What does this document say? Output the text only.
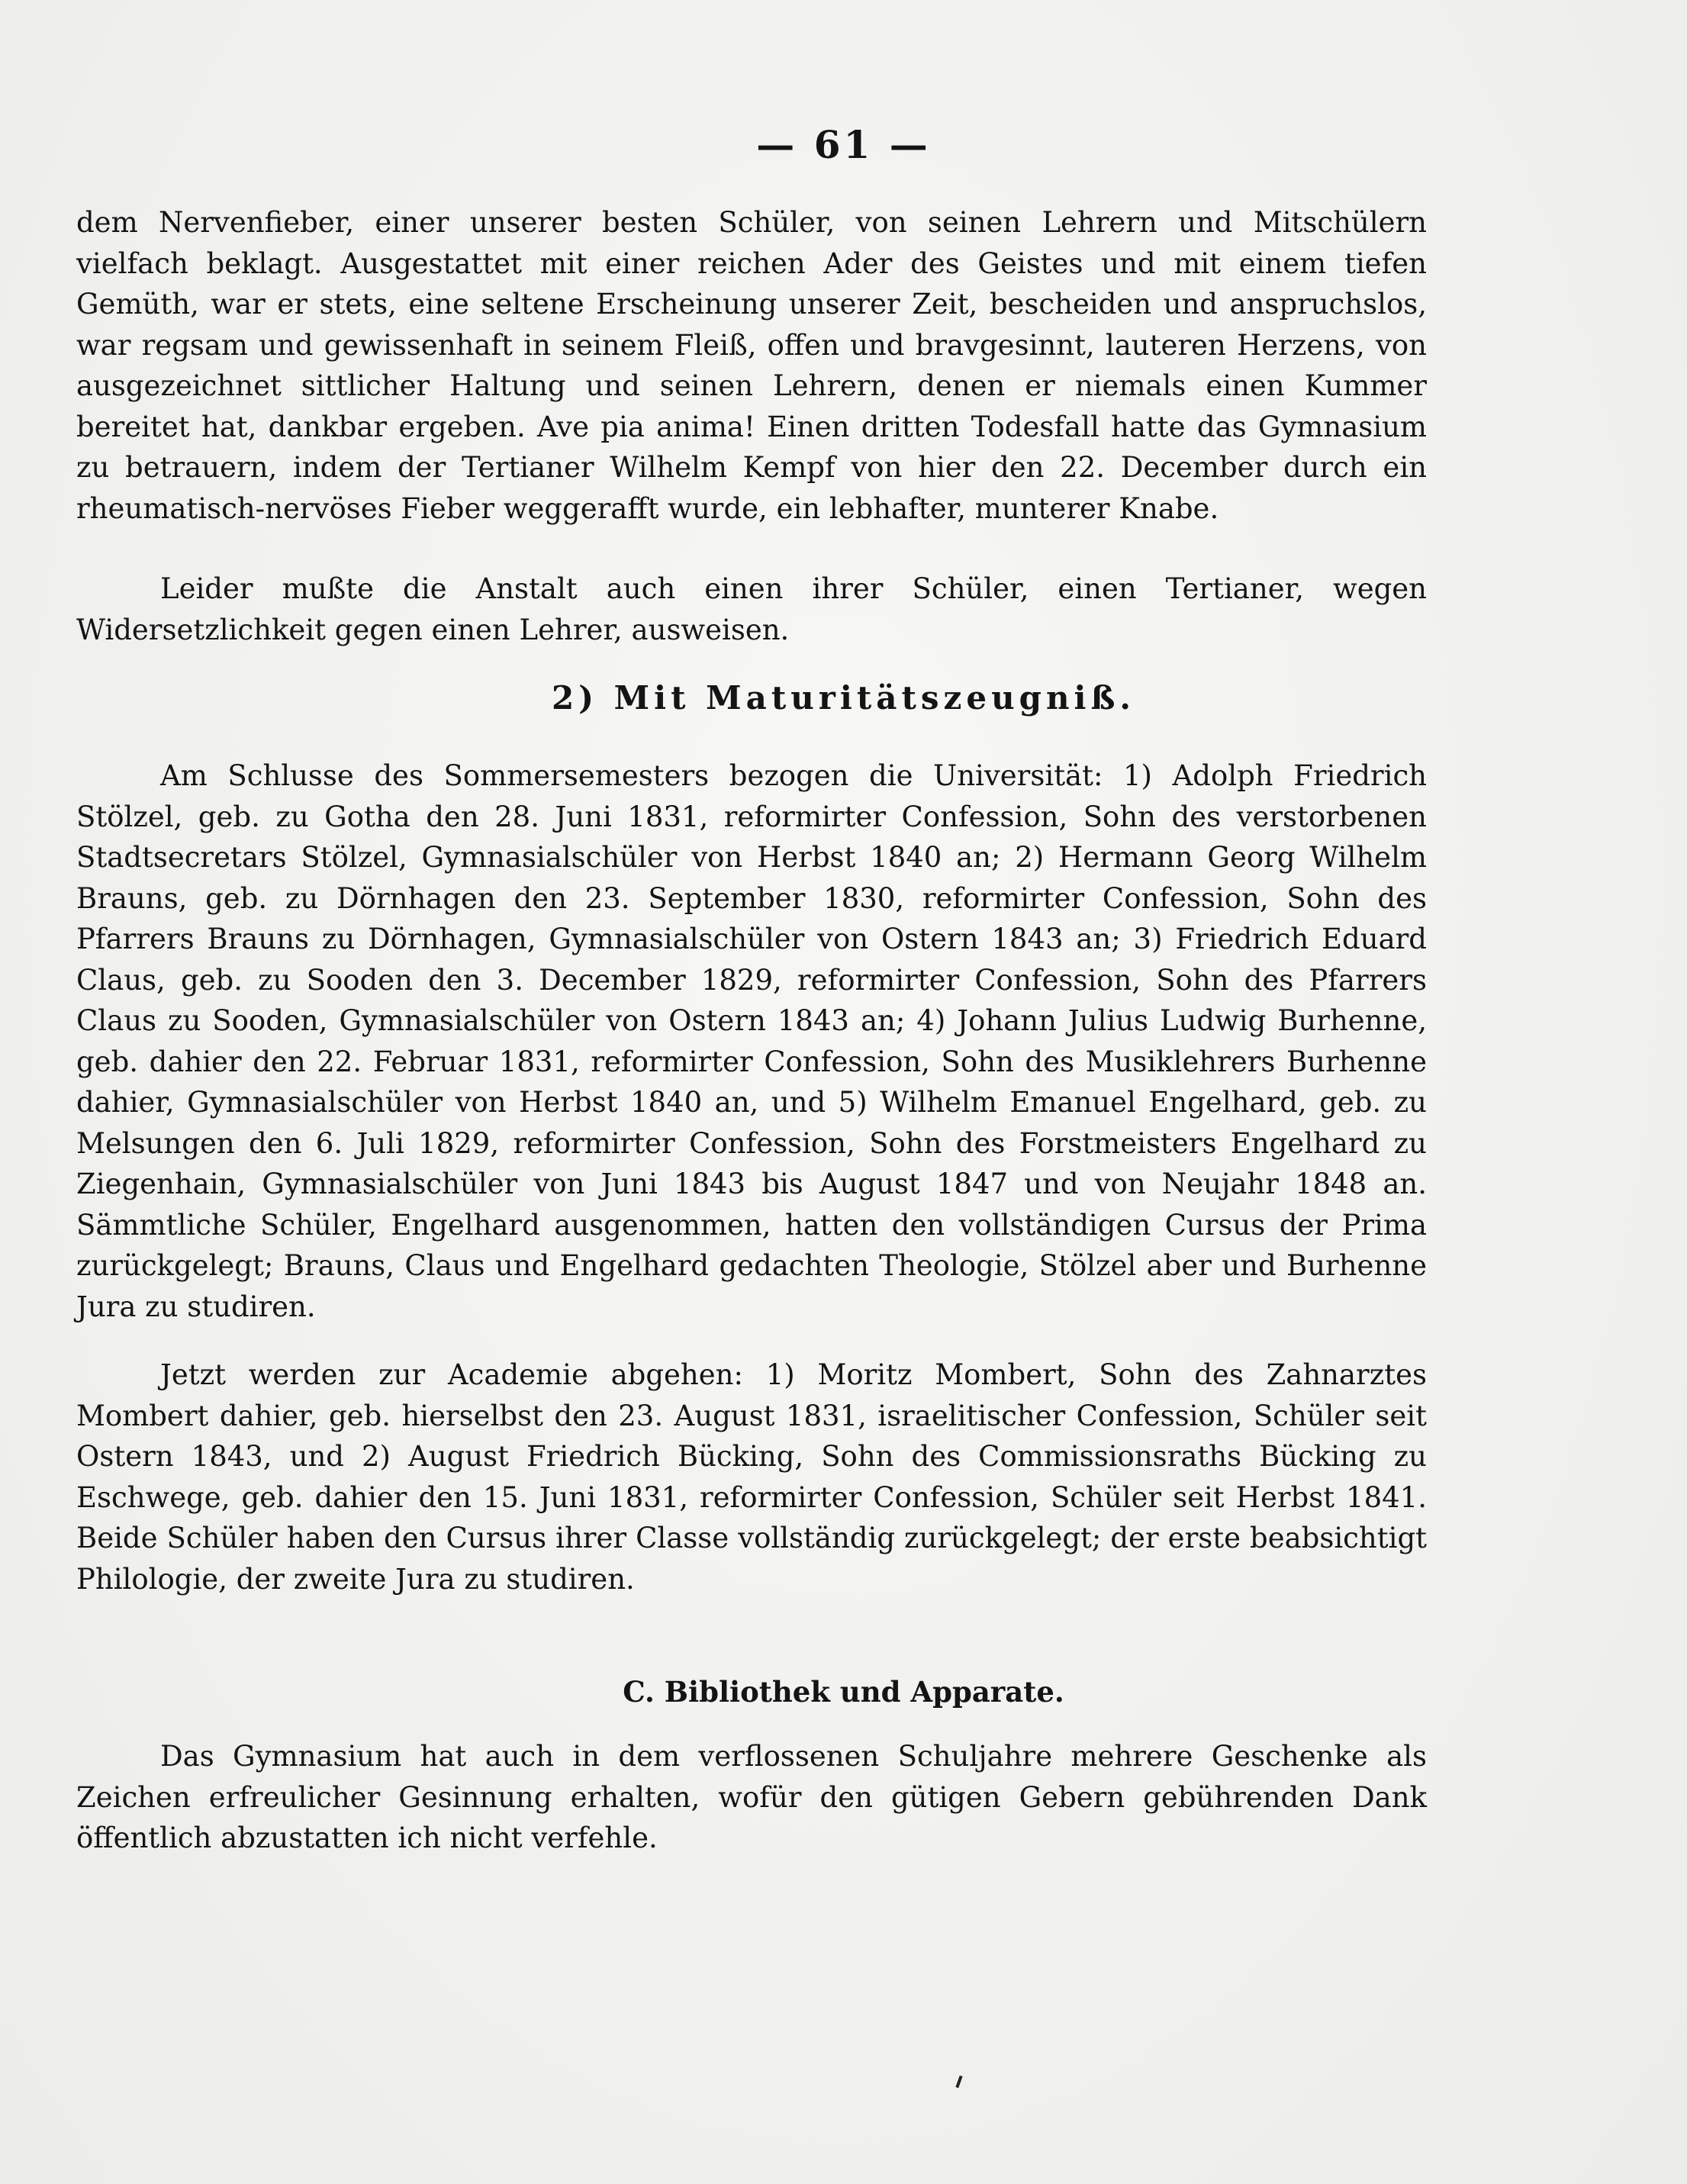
— 61 —

dem Nervenfieber, einer unserer besten Schüler, von seinen Lehrern und Mitschülern vielfach beklagt. Ausgestattet mit einer reichen Ader des Geistes und mit einem tiefen Gemüth, war er stets, eine seltene Erscheinung unserer Zeit, bescheiden und anspruchslos, war regsam und gewissenhaft in seinem Fleiß, offen und bravgesinnt, lauteren Herzens, von ausgezeichnet sittlicher Haltung und seinen Lehrern, denen er niemals einen Kummer bereitet hat, dankbar ergeben. Ave pia anima! Einen dritten Todesfall hatte das Gymnasium zu betrauern, indem der Tertianer Wilhelm Kempf von hier den 22. December durch ein rheumatisch-nervöses Fieber weggerafft wurde, ein lebhafter, munterer Knabe.

Leider mußte die Anstalt auch einen ihrer Schüler, einen Tertianer, wegen Widersetzlichkeit gegen einen Lehrer, ausweisen.

2) Mit Maturitätszeugniß.

Am Schlusse des Sommersemesters bezogen die Universität: 1) Adolph Friedrich Stölzel, geb. zu Gotha den 28. Juni 1831, reformirter Confession, Sohn des verstorbenen Stadtsecretars Stölzel, Gymnasialschüler von Herbst 1840 an; 2) Hermann Georg Wilhelm Brauns, geb. zu Dörnhagen den 23. September 1830, reformirter Confession, Sohn des Pfarrers Brauns zu Dörnhagen, Gymnasialschüler von Ostern 1843 an; 3) Friedrich Eduard Claus, geb. zu Sooden den 3. December 1829, reformirter Confession, Sohn des Pfarrers Claus zu Sooden, Gymnasialschüler von Ostern 1843 an; 4) Johann Julius Ludwig Burhenne, geb. dahier den 22. Februar 1831, reformirter Confession, Sohn des Musiklehrers Burhenne dahier, Gymnasialschüler von Herbst 1840 an, und 5) Wilhelm Emanuel Engelhard, geb. zu Melsungen den 6. Juli 1829, reformirter Confession, Sohn des Forstmeisters Engelhard zu Ziegenhain, Gymnasialschüler von Juni 1843 bis August 1847 und von Neujahr 1848 an. Sämmtliche Schüler, Engelhard ausgenommen, hatten den vollständigen Cursus der Prima zurückgelegt; Brauns, Claus und Engelhard gedachten Theologie, Stölzel aber und Burhenne Jura zu studiren.

Jetzt werden zur Academie abgehen: 1) Moritz Mombert, Sohn des Zahnarztes Mombert dahier, geb. hierselbst den 23. August 1831, israelitischer Confession, Schüler seit Ostern 1843, und 2) August Friedrich Bücking, Sohn des Commissionsraths Bücking zu Eschwege, geb. dahier den 15. Juni 1831, reformirter Confession, Schüler seit Herbst 1841. Beide Schüler haben den Cursus ihrer Classe vollständig zurückgelegt; der erste beabsichtigt Philologie, der zweite Jura zu studiren.

C. Bibliothek und Apparate.

Das Gymnasium hat auch in dem verflossenen Schuljahre mehrere Geschenke als Zeichen erfreulicher Gesinnung erhalten, wofür den gütigen Gebern gebührenden Dank öffentlich abzustatten ich nicht verfehle.
